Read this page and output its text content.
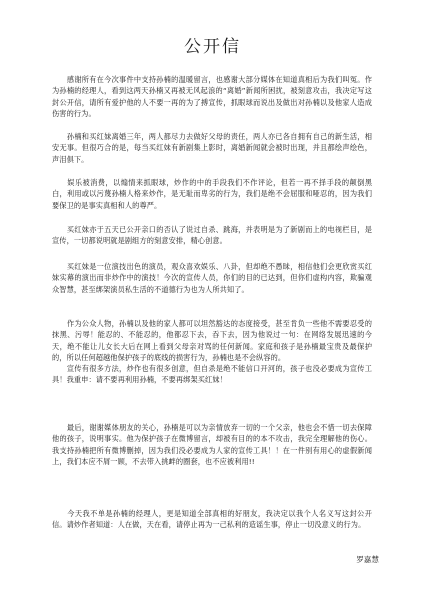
公开信

　　感谢所有在今次事件中支持孙楠的温暖留言，也感谢大部分媒体在知道真相后为我们叫冤。作为孙楠的经理人，看到这两天孙楠又再被无风起浪的“离婚”新闻所困扰，被刻意攻击，我决定写这封公开信，请所有爱护他的人不要一再的为了搏宣传，抓眼球而说出及做出对孙楠以及他家人造成伤害的行为。

　　孙楠和买红妹离婚三年，两人都尽力去做好父母的责任，两人亦已各自拥有自己的新生活，相安无事。但很巧合的是，每当买红妹有新剧集上影时，离婚新闻就会被时出现，并且都绘声绘色，声泪俱下。

　　娱乐被消费，以煽情来抓眼球，炒作的中的手段我们不作评论，但若一再不择手段的颠倒黑白，利用或以污蔑孙楠人格来炒作，是无耻而卑劣的行为，我们是绝不会屈服和哑忍的，因为我们要保卫的是事实真相和人的尊严。

　　买红妹亦于五天已公开亲口的否认了说过自杀、跳海，并表明是为了新剧而上的电视栏目，是宣传，一切都说明就是剧组方的刻意安排，精心创意。

　　买红妹是一位演技出色的演员，观众喜欢娱乐、八卦，但却绝不愚昧，相信他们会更欣赏买红妹实幕的演出而非炒作中的演技！今次的宣传人员，你们的目的已达到，但你们虚构内容，欺骗观众智慧，甚至绑架演员私生活的不道德行为也为人所共知了。

　　作为公众人物，孙楠以及他的家人都可以坦然豁达的态度接受，甚至肯负一些他不需要忍受的抹黑、污辱！能忍的、不能忍的，他都忍下去，吞下去，因为他说过一句：在网络发展迅速的今天，绝不能让儿女长大后在网上看到父母亲对骂的任何新闻。家庭和孩子是孙楠最宝贵及最保护的，所以任何超越他保护孩子的底线的损害行为，孙楠也是不会纵容的。
　　宣传有很多方法，炒作也有很多创意，但自杀是绝不能信口开河的，孩子也没必要成为宣传工具！我重申：请不要再利用孙楠，不要再绑架买红妹！

　　最后，谢谢媒体朋友的关心，孙楠是可以为亲情放弃一切的一个父亲，他也会不惜一切去保障他的孩子，说明事实。他为保护孩子在微博留言，却被有目的的本不攻击，我完全理解他的伤心。我支持孙楠把所有微博删掉，因为我们没必要成为人家的宣传工具！！在一件别有用心的虚假新闻上，我们本应不屑一顾，不去带入挑衅的圈套，也不应被利用!!

　　今天我不单是孙楠的经理人，更是知道全部真相的好朋友，我决定以我个人名义写这封公开信。请炒作者知道：人在做，天在看，请停止再为一己私利的造谣生事，停止一切没意义的行为。

罗嘉慧
